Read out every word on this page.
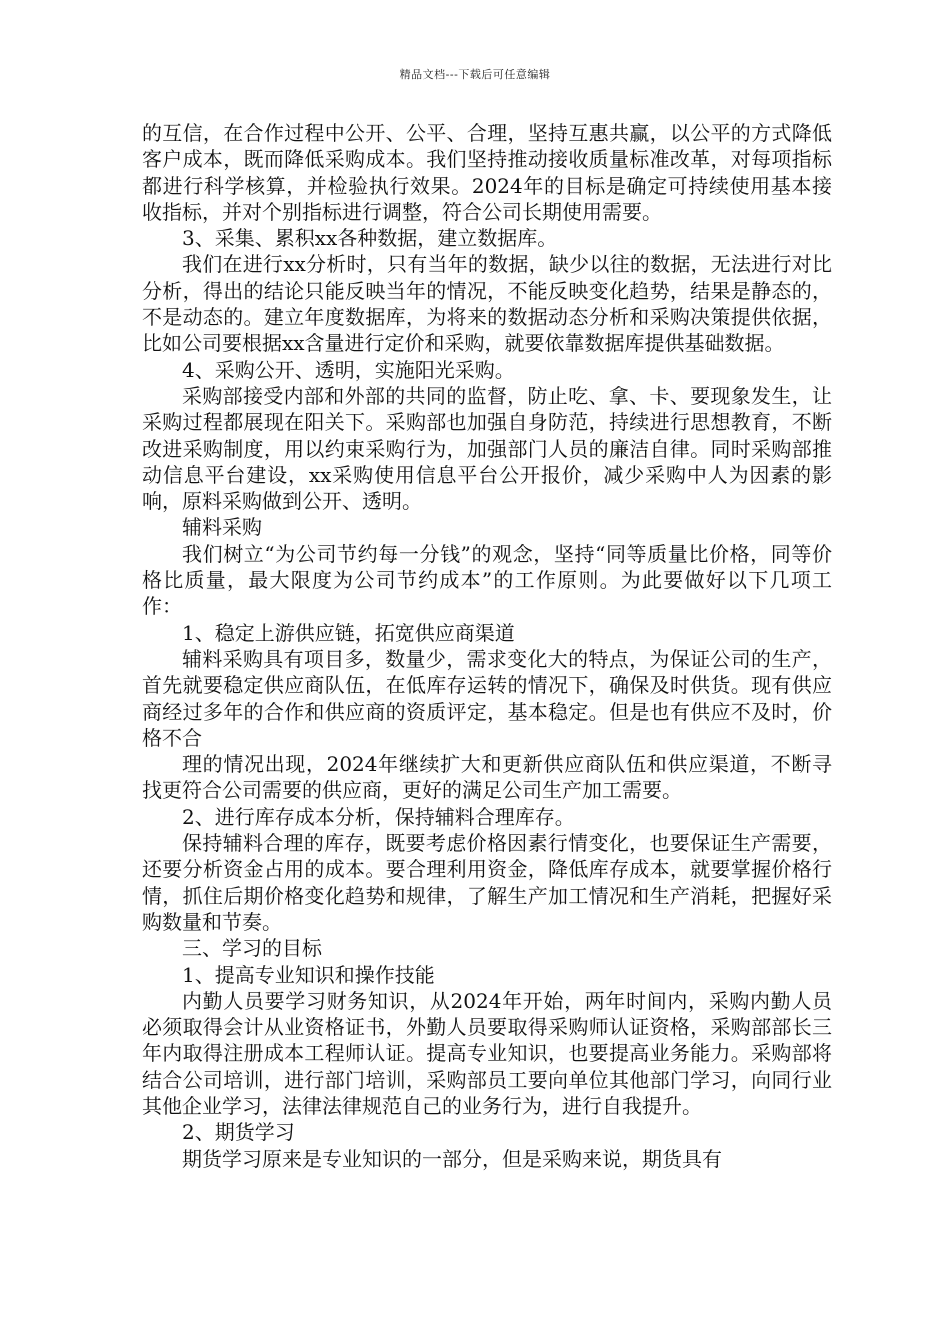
精品文档---下载后可任意编辑

的互信，在合作过程中公开、公平、合理，坚持互惠共赢，以公平的方式降低客户成本，既而降低采购成本。我们坚持推动接收质量标准改革，对每项指标都进行科学核算，并检验执行效果。2024年的目标是确定可持续使用基本接收指标，并对个别指标进行调整，符合公司长期使用需要。

3、采集、累积xx各种数据，建立数据库。

我们在进行xx分析时，只有当年的数据，缺少以往的数据，无法进行对比分析，得出的结论只能反映当年的情况，不能反映变化趋势，结果是静态的，不是动态的。建立年度数据库，为将来的数据动态分析和采购决策提供依据，比如公司要根据xx含量进行定价和采购，就要依靠数据库提供基础数据。

4、采购公开、透明，实施阳光采购。

采购部接受内部和外部的共同的监督，防止吃、拿、卡、要现象发生，让采购过程都展现在阳关下。采购部也加强自身防范，持续进行思想教育，不断改进采购制度，用以约束采购行为，加强部门人员的廉洁自律。同时采购部推动信息平台建设，xx采购使用信息平台公开报价，减少采购中人为因素的影响，原料采购做到公开、透明。

辅料采购

我们树立“为公司节约每一分钱”的观念，坚持“同等质量比价格，同等价格比质量，最大限度为公司节约成本”的工作原则。为此要做好以下几项工作：

1、稳定上游供应链，拓宽供应商渠道

辅料采购具有项目多，数量少，需求变化大的特点，为保证公司的生产，首先就要稳定供应商队伍，在低库存运转的情况下，确保及时供货。现有供应商经过多年的合作和供应商的资质评定，基本稳定。但是也有供应不及时，价格不合

理的情况出现，2024年继续扩大和更新供应商队伍和供应渠道，不断寻找更符合公司需要的供应商，更好的满足公司生产加工需要。

2、进行库存成本分析，保持辅料合理库存。

保持辅料合理的库存，既要考虑价格因素行情变化，也要保证生产需要，还要分析资金占用的成本。要合理利用资金，降低库存成本，就要掌握价格行情，抓住后期价格变化趋势和规律，了解生产加工情况和生产消耗，把握好采购数量和节奏。

三、学习的目标

1、提高专业知识和操作技能

内勤人员要学习财务知识，从2024年开始，两年时间内，采购内勤人员必须取得会计从业资格证书，外勤人员要取得采购师认证资格，采购部部长三年内取得注册成本工程师认证。提高专业知识，也要提高业务能力。采购部将结合公司培训，进行部门培训，采购部员工要向单位其他部门学习，向同行业其他企业学习，法律法律规范自己的业务行为，进行自我提升。

2、期货学习

期货学习原来是专业知识的一部分，但是采购来说，期货具有
